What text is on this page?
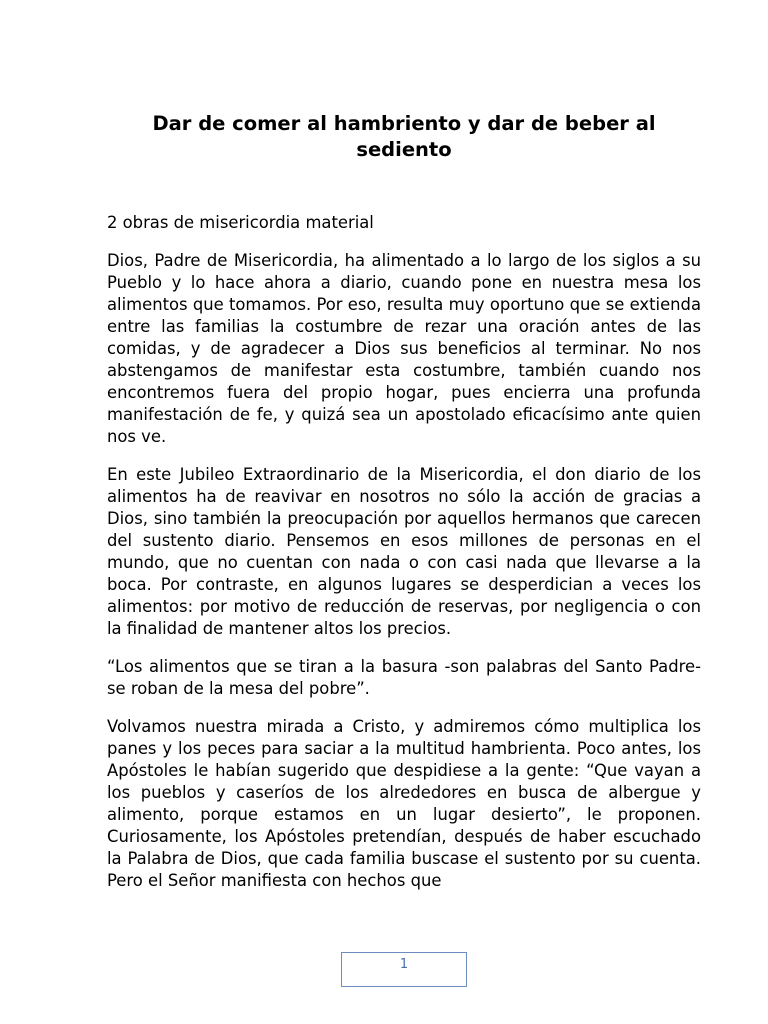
Dar de comer al hambriento y dar de beber al sediento

2 obras de misericordia material

Dios, Padre de Misericordia, ha alimentado a lo largo de los siglos a su Pueblo y lo hace ahora a diario, cuando pone en nuestra mesa los alimentos que tomamos. Por eso, resulta muy oportuno que se extienda entre las familias la costumbre de rezar una oración antes de las comidas, y de agradecer a Dios sus beneficios al terminar. No nos abstengamos de manifestar esta costumbre, también cuando nos encontremos fuera del propio hogar, pues encierra una profunda manifestación de fe, y quizá sea un apostolado eficacísimo ante quien nos ve.

En este Jubileo Extraordinario de la Misericordia, el don diario de los alimentos ha de reavivar en nosotros no sólo la acción de gracias a Dios, sino también la preocupación por aquellos hermanos que carecen del sustento diario. Pensemos en esos millones de personas en el mundo, que no cuentan con nada o con casi nada que llevarse a la boca. Por contraste, en algunos lugares se desperdician a veces los alimentos: por motivo de reducción de reservas, por negligencia o con la finalidad de mantener altos los precios.

“Los alimentos que se tiran a la basura -son palabras del Santo Padre- se roban de la mesa del pobre”.

Volvamos nuestra mirada a Cristo, y admiremos cómo multiplica los panes y los peces para saciar a la multitud hambrienta. Poco antes, los Apóstoles le habían sugerido que despidiese a la gente: “Que vayan a los pueblos y caseríos de los alrededores en busca de albergue y alimento, porque estamos en un lugar desierto”, le proponen. Curiosamente, los Apóstoles pretendían, después de haber escuchado la Palabra de Dios, que cada familia buscase el sustento por su cuenta. Pero el Señor manifiesta con hechos que

1
